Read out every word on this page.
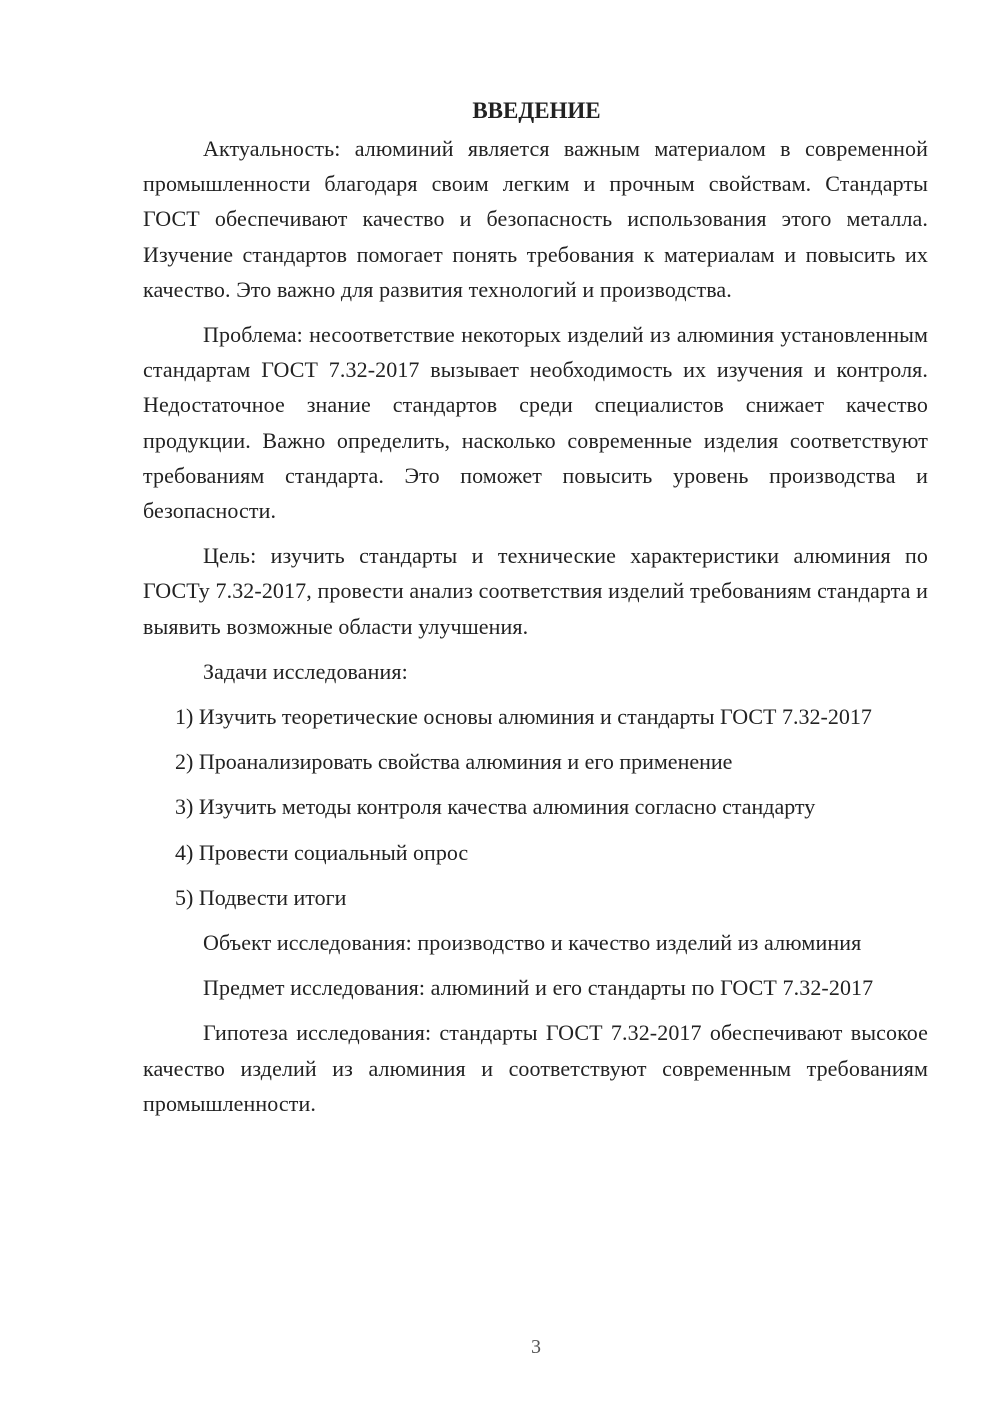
ВВЕДЕНИЕ

Актуальность: алюминий является важным материалом в современной промышленности благодаря своим легким и прочным свойствам. Стандарты ГОСТ обеспечивают качество и безопасность использования этого металла. Изучение стандартов помогает понять требования к материалам и повысить их качество. Это важно для развития технологий и производства.

Проблема: несоответствие некоторых изделий из алюминия установленным стандартам ГОСТ 7.32-2017 вызывает необходимость их изучения и контроля. Недостаточное знание стандартов среди специалистов снижает качество продукции. Важно определить, насколько современные изделия соответствуют требованиям стандарта. Это поможет повысить уровень производства и безопасности.

Цель: изучить стандарты и технические характеристики алюминия по ГОСТу 7.32-2017, провести анализ соответствия изделий требованиям стандарта и выявить возможные области улучшения.

Задачи исследования:

1) Изучить теоретические основы алюминия и стандарты ГОСТ 7.32-2017

2) Проанализировать свойства алюминия и его применение

3) Изучить методы контроля качества алюминия согласно стандарту

4) Провести социальный опрос

5) Подвести итоги

Объект исследования: производство и качество изделий из алюминия

Предмет исследования: алюминий и его стандарты по ГОСТ 7.32-2017

Гипотеза исследования: стандарты ГОСТ 7.32-2017 обеспечивают высокое качество изделий из алюминия и соответствуют современным требованиям промышленности.

3
